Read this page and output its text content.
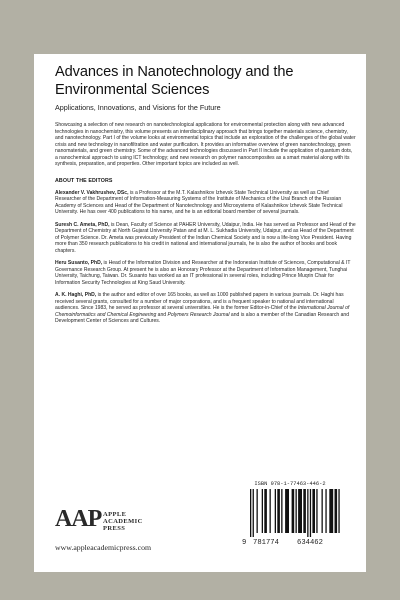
Advances in Nanotechnology and the Environmental Sciences
Applications, Innovations, and Visions for the Future
Showcasing a selection of new research on nanotechnological applications for environmental protection along with new advanced technologies in nanochemistry, this volume presents an interdisciplinary approach that brings together materials science, chemistry, and nanotechnology. Part I of the volume looks at environmental topics that include an exploration of the challenges of the global water crisis and new technology in nanofiltration and water purification. It provides an informative overview of green nanotechnology, green nanomaterials, and green chemistry. Some of the advanced technologies discussed in Part II include the application of quantum dots, a nanochemical approach to using ICT technology; and new research on polymer nanocomposites as a smart material along with its synthesis, preparation, and properties. Other important topics are included as well.
ABOUT THE EDITORS
Alexander V. Vakhrushev, DSc, is a Professor at the M.T. Kalashnikov Izhevsk State Technical University as well as Chief Researcher of the Department of Information-Measuring Systems of the Institute of Mechanics of the Ural Branch of the Russian Academy of Sciences and Head of the Department of Nanotechnology and Microsystems of Kalashnikov Izhevsk State Technical University. He has over 400 publications to his name, and he is an editorial board member of several journals.
Suresh C. Ameta, PhD, is Dean, Faculty of Science at PAHER University, Udaipur, India. He has served as Professor and Head of the Department of Chemistry at North Gujarat University Patan and at M. L. Sukhadia University, Udaipur, and as Head of the Department of Polymer Science. Dr. Ameta was previously President of the Indian Chemical Society and is now a life-long Vice President. Having more than 350 research publications to his credit in national and international journals, he is also the author of books and book chapters.
Heru Susanto, PhD, is Head of the Information Division and Researcher at the Indonesian Institute of Sciences, Computational & IT Governance Research Group. At present he is also an Honorary Professor at the Department of Information Management, Tunghai University, Taichung, Taiwan. Dr. Susanto has worked as an IT professional in several roles, including Prince Muqrin Chair for Information Security Technologies at King Saud University.
A. K. Haghi, PhD, is the author and editor of over 165 books, as well as 1000 published papers in various journals. Dr. Haghi has received several grants, consulted for a number of major corporations, and is a frequent speaker to national and international audiences. Since 1983, he served as professor at several universities. He is the former Editor-in-Chief of the International Journal of Chemoinformatics and Chemical Engineering and Polymers Research Journal and is also a member of the Canadian Research and Development Center of Sciences and Cultures.
AAP APPLE
ACADEMIC
PRESS
www.appleacademicpress.com
ISBN 978-1-77463-446-2
9 781774	634462
